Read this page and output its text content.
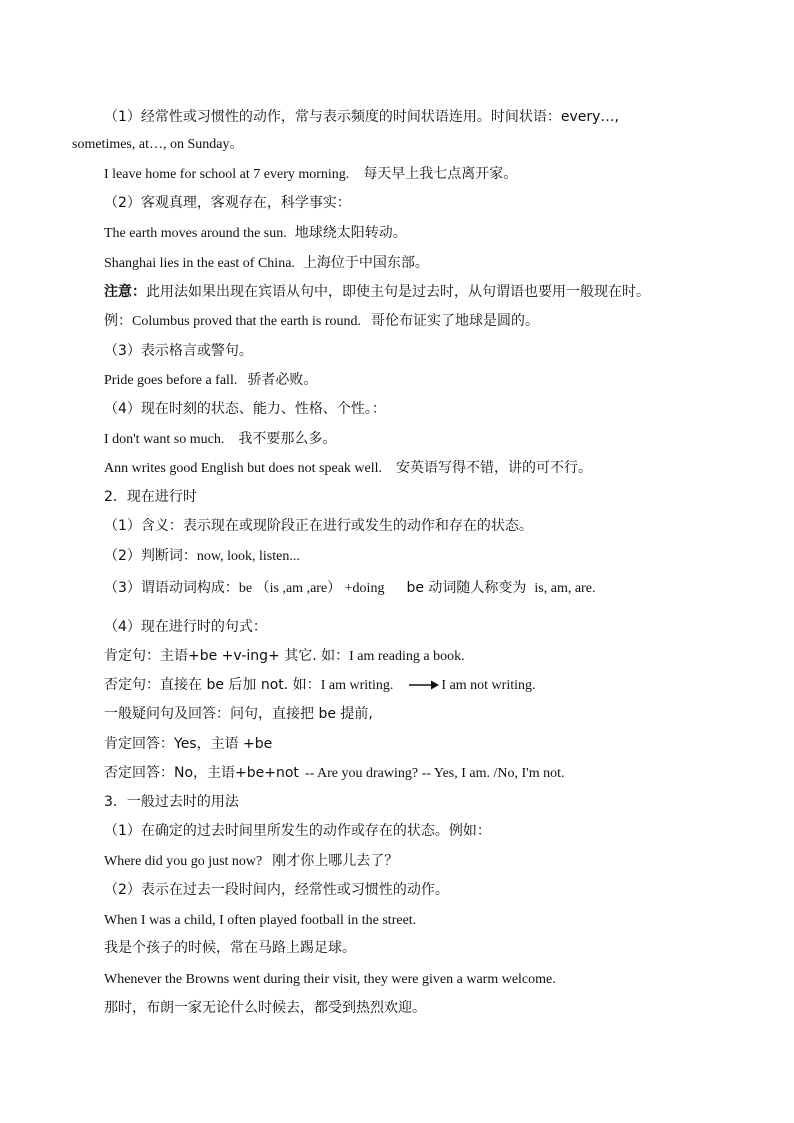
（1）经常性或习惯性的动作，常与表示频度的时间状语连用。时间状语：every…,
sometimes, at…, on Sunday。
I leave home for school at 7 every morning. 每天早上我七点离开家。
（2）客观真理，客观存在，科学事实：
The earth moves around the sun. 地球绕太阳转动。
Shanghai lies in the east of China. 上海位于中国东部。
注意：此用法如果出现在宾语从句中，即使主句是过去时，从句谓语也要用一般现在时。
例：Columbus proved that the earth is round. 哥伦布证实了地球是圆的。
（3）表示格言或警句。
Pride goes before a fall. 骄者必败。
（4）现在时刻的状态、能力、性格、个性。：
I don't want so much. 我不要那么多。
Ann writes good English but does not speak well. 安英语写得不错，讲的可不行。
2．现在进行时
（1）含义：表示现在或现阶段正在进行或发生的动作和存在的状态。
（2）判断词：now, look, listen...
（3）谓语动词构成：be （is ,am ,are） +doing be 动词随人称变为 is, am, are.
（4）现在进行时的句式：
肯定句：主语+be +v-ing+ 其它. 如：I am reading a book.
否定句：直接在 be 后加 not. 如：I am writing.	I am not writing.
一般疑问句及回答：问句，直接把 be 提前,
肯定回答：Yes，主语 +be
否定回答：No，主语+be+not -- Are you drawing? -- Yes, I am. /No, I'm not.
3．一般过去时的用法
（1）在确定的过去时间里所发生的动作或存在的状态。例如：
Where did you go just now? 刚才你上哪儿去了？
（2）表示在过去一段时间内，经常性或习惯性的动作。
When I was a child, I often played football in the street.
我是个孩子的时候，常在马路上踢足球。
Whenever the Browns went during their visit, they were given a warm welcome.
那时，布朗一家无论什么时候去，都受到热烈欢迎。
